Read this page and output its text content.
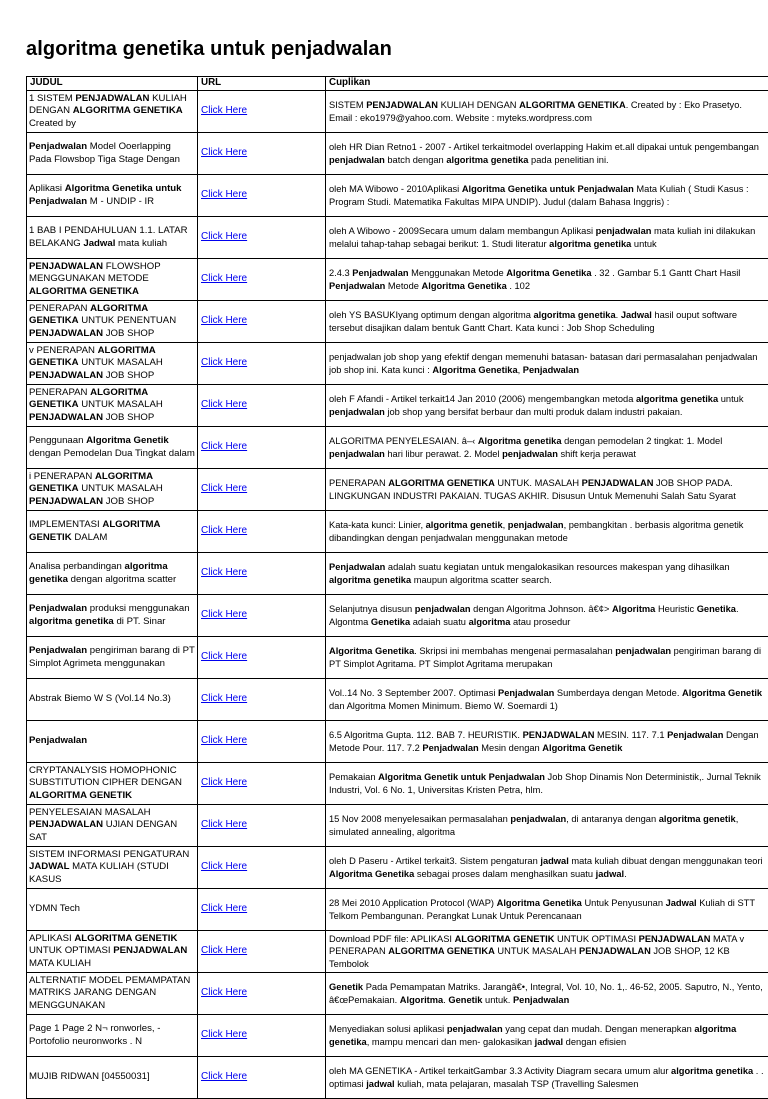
algoritma genetika untuk penjadwalan
JUDUL	URL	Cuplikan

1 SISTEM PENJADWALAN KULIAH DENGAN ALGORITMA GENETIKA Created by	Click Here	SISTEM PENJADWALAN KULIAH DENGAN ALGORITMA GENETIKA. Created by : Eko Prasetyo. Email : eko1979@yahoo.com. Website : myteks.wordpress.com

Penjadwalan Model Ooerlapping Pada Flowsbop Tiga Stage Dengan	Click Here	oleh HR Dian Retno1 - 2007 - Artikel terkaitmodel overlapping Hakim et.all dipakai untuk pengembangan penjadwalan batch dengan algoritma genetika pada penelitian ini.

Aplikasi Algoritma Genetika untuk Penjadwalan M - UNDIP - IR	Click Here	oleh MA Wibowo - 2010Aplikasi Algoritma Genetika untuk Penjadwalan Mata Kuliah ( Studi Kasus : Program Studi. Matematika Fakultas MIPA UNDIP). Judul (dalam Bahasa Inggris) :

1 BAB I PENDAHULUAN 1.1. LATAR BELAKANG Jadwal mata kuliah	Click Here	oleh A Wibowo - 2009Secara umum dalam membangun Aplikasi penjadwalan mata kuliah ini dilakukan melalui tahap-tahap sebagai berikut: 1. Studi literatur algoritma genetika untuk

PENJADWALAN FLOWSHOP MENGGUNAKAN METODE ALGORITMA GENETIKA	Click Here	2.4.3 Penjadwalan Menggunakan Metode Algoritma Genetika . 32 . Gambar 5.1 Gantt Chart Hasil Penjadwalan Metode Algoritma Genetika . 102

PENERAPAN ALGORITMA GENETIKA UNTUK PENENTUAN PENJADWALAN JOB SHOP	Click Here	oleh YS BASUKIyang optimum dengan algoritma algoritma genetika. Jadwal hasil ouput software tersebut disajikan dalam bentuk Gantt Chart. Kata kunci : Job Shop Scheduling

v PENERAPAN ALGORITMA GENETIKA UNTUK MASALAH PENJADWALAN JOB SHOP	Click Here	penjadwalan job shop yang efektif dengan memenuhi batasan- batasan dari permasalahan penjadwalan job shop ini. Kata kunci : Algoritma Genetika, Penjadwalan

PENERAPAN ALGORITMA GENETIKA UNTUK MASALAH PENJADWALAN JOB SHOP	Click Here	oleh F Afandi - Artikel terkait14 Jan 2010 (2006) mengembangkan metoda algoritma genetika untuk penjadwalan job shop yang bersifat berbaur dan multi produk dalam industri pakaian.

Penggunaan Algoritma Genetik dengan Pemodelan Dua Tingkat dalam	Click Here	ALGORITMA PENYELESAIAN. â–‹ Algoritma genetika dengan pemodelan 2 tingkat: 1. Model penjadwalan hari libur perawat. 2. Model penjadwalan shift kerja perawat

i PENERAPAN ALGORITMA GENETIKA UNTUK MASALAH PENJADWALAN JOB SHOP	Click Here	PENERAPAN ALGORITMA GENETIKA UNTUK. MASALAH PENJADWALAN JOB SHOP PADA. LINGKUNGAN INDUSTRI PAKAIAN. TUGAS AKHIR. Disusun Untuk Memenuhi Salah Satu Syarat

IMPLEMENTASI ALGORITMA GENETIK DALAM	Click Here	Kata-kata kunci: Linier, algoritma genetik, penjadwalan, pembangkitan . berbasis algoritma genetik dibandingkan dengan penjadwalan menggunakan metode

Analisa perbandingan algoritma genetika dengan algoritma scatter	Click Here	Penjadwalan adalah suatu kegiatan untuk mengalokasikan resources makespan yang dihasilkan algoritma genetika maupun algoritma scatter search.

Penjadwalan produksi menggunakan algoritma genetika di PT. Sinar	Click Here	Selanjutnya disusun penjadwalan dengan Algoritma Johnson. â€¢> Algoritma Heuristic Genetika. Algontma Genetika adaiah suatu algoritma atau prosedur

Penjadwalan pengiriman barang di PT Simplot Agrimeta menggunakan	Click Here	Algoritma Genetika. Skripsi ini membahas mengenai permasalahan penjadwalan pengiriman barang di PT Simplot Agritama. PT Simplot Agritama merupakan

Abstrak Biemo W S (Vol.14 No.3)	Click Here	Vol..14 No. 3 September 2007. Optimasi Penjadwalan Sumberdaya dengan Metode. Algoritma Genetik dan Algoritma Momen Minimum. Biemo W. Soemardi 1)

Penjadwalan	Click Here	6.5 Algoritma Gupta. 112. BAB 7. HEURISTIK. PENJADWALAN MESIN. 117. 7.1 Penjadwalan Dengan Metode Pour. 117. 7.2 Penjadwalan Mesin dengan Algoritma Genetik

CRYPTANALYSIS HOMOPHONIC SUBSTITUTION CIPHER DENGAN ALGORITMA GENETIK	Click Here	Pemakaian Algoritma Genetik untuk Penjadwalan Job Shop Dinamis Non Deterministik,. Jurnal Teknik Industri, Vol. 6 No. 1, Universitas Kristen Petra, hlm.

PENYELESAIAN MASALAH PENJADWALAN UJIAN DENGAN SAT	Click Here	15 Nov 2008 menyelesaikan permasalahan penjadwalan, di antaranya dengan algoritma genetik, simulated annealing, algoritma

SISTEM INFORMASI PENGATURAN JADWAL MATA KULIAH (STUDI KASUS	Click Here	oleh D Paseru - Artikel terkait3. Sistem pengaturan jadwal mata kuliah dibuat dengan menggunakan teori Algoritma Genetika sebagai proses dalam menghasilkan suatu jadwal.

YDMN Tech	Click Here	28 Mei 2010 Application Protocol (WAP) Algoritma Genetika Untuk Penyusunan Jadwal Kuliah di STT Telkom Pembangunan. Perangkat Lunak Untuk Perencanaan

APLIKASI ALGORITMA GENETIK UNTUK OPTIMASI PENJADWALAN MATA KULIAH	Click Here	Download PDF file: APLIKASI ALGORITMA GENETIK UNTUK OPTIMASI PENJADWALAN MATA v PENERAPAN ALGORITMA GENETIKA UNTUK MASALAH PENJADWALAN JOB SHOP, 12 KB Tembolok

ALTERNATIF MODEL PEMAMPATAN MATRIKS JARANG DENGAN MENGGUNAKAN	Click Here	Genetik Pada Pemampatan Matriks. Jarangâ€•, Integral, Vol. 10, No. 1,. 46-52, 2005. Saputro, N., Yento, â€œPemakaian. Algoritma. Genetik untuk. Penjadwalan

Page 1 Page 2 N¬ ronworles, - Portofolio neuronworks . Ν	Click Here	Menyediakan solusi aplikasi penjadwalan yang cepat dan mudah. Dengan menerapkan algoritma genetika, mampu mencari dan men- galokasikan jadwal dengan efisien

MUJIB RIDWAN [04550031]	Click Here	oleh MA GENETIKA - Artikel terkaitGambar 3.3 Activity Diagram secara umum alur algoritma genetika . . optimasi jadwal kuliah, mata pelajaran, masalah TSP (Travelling Salesmen
